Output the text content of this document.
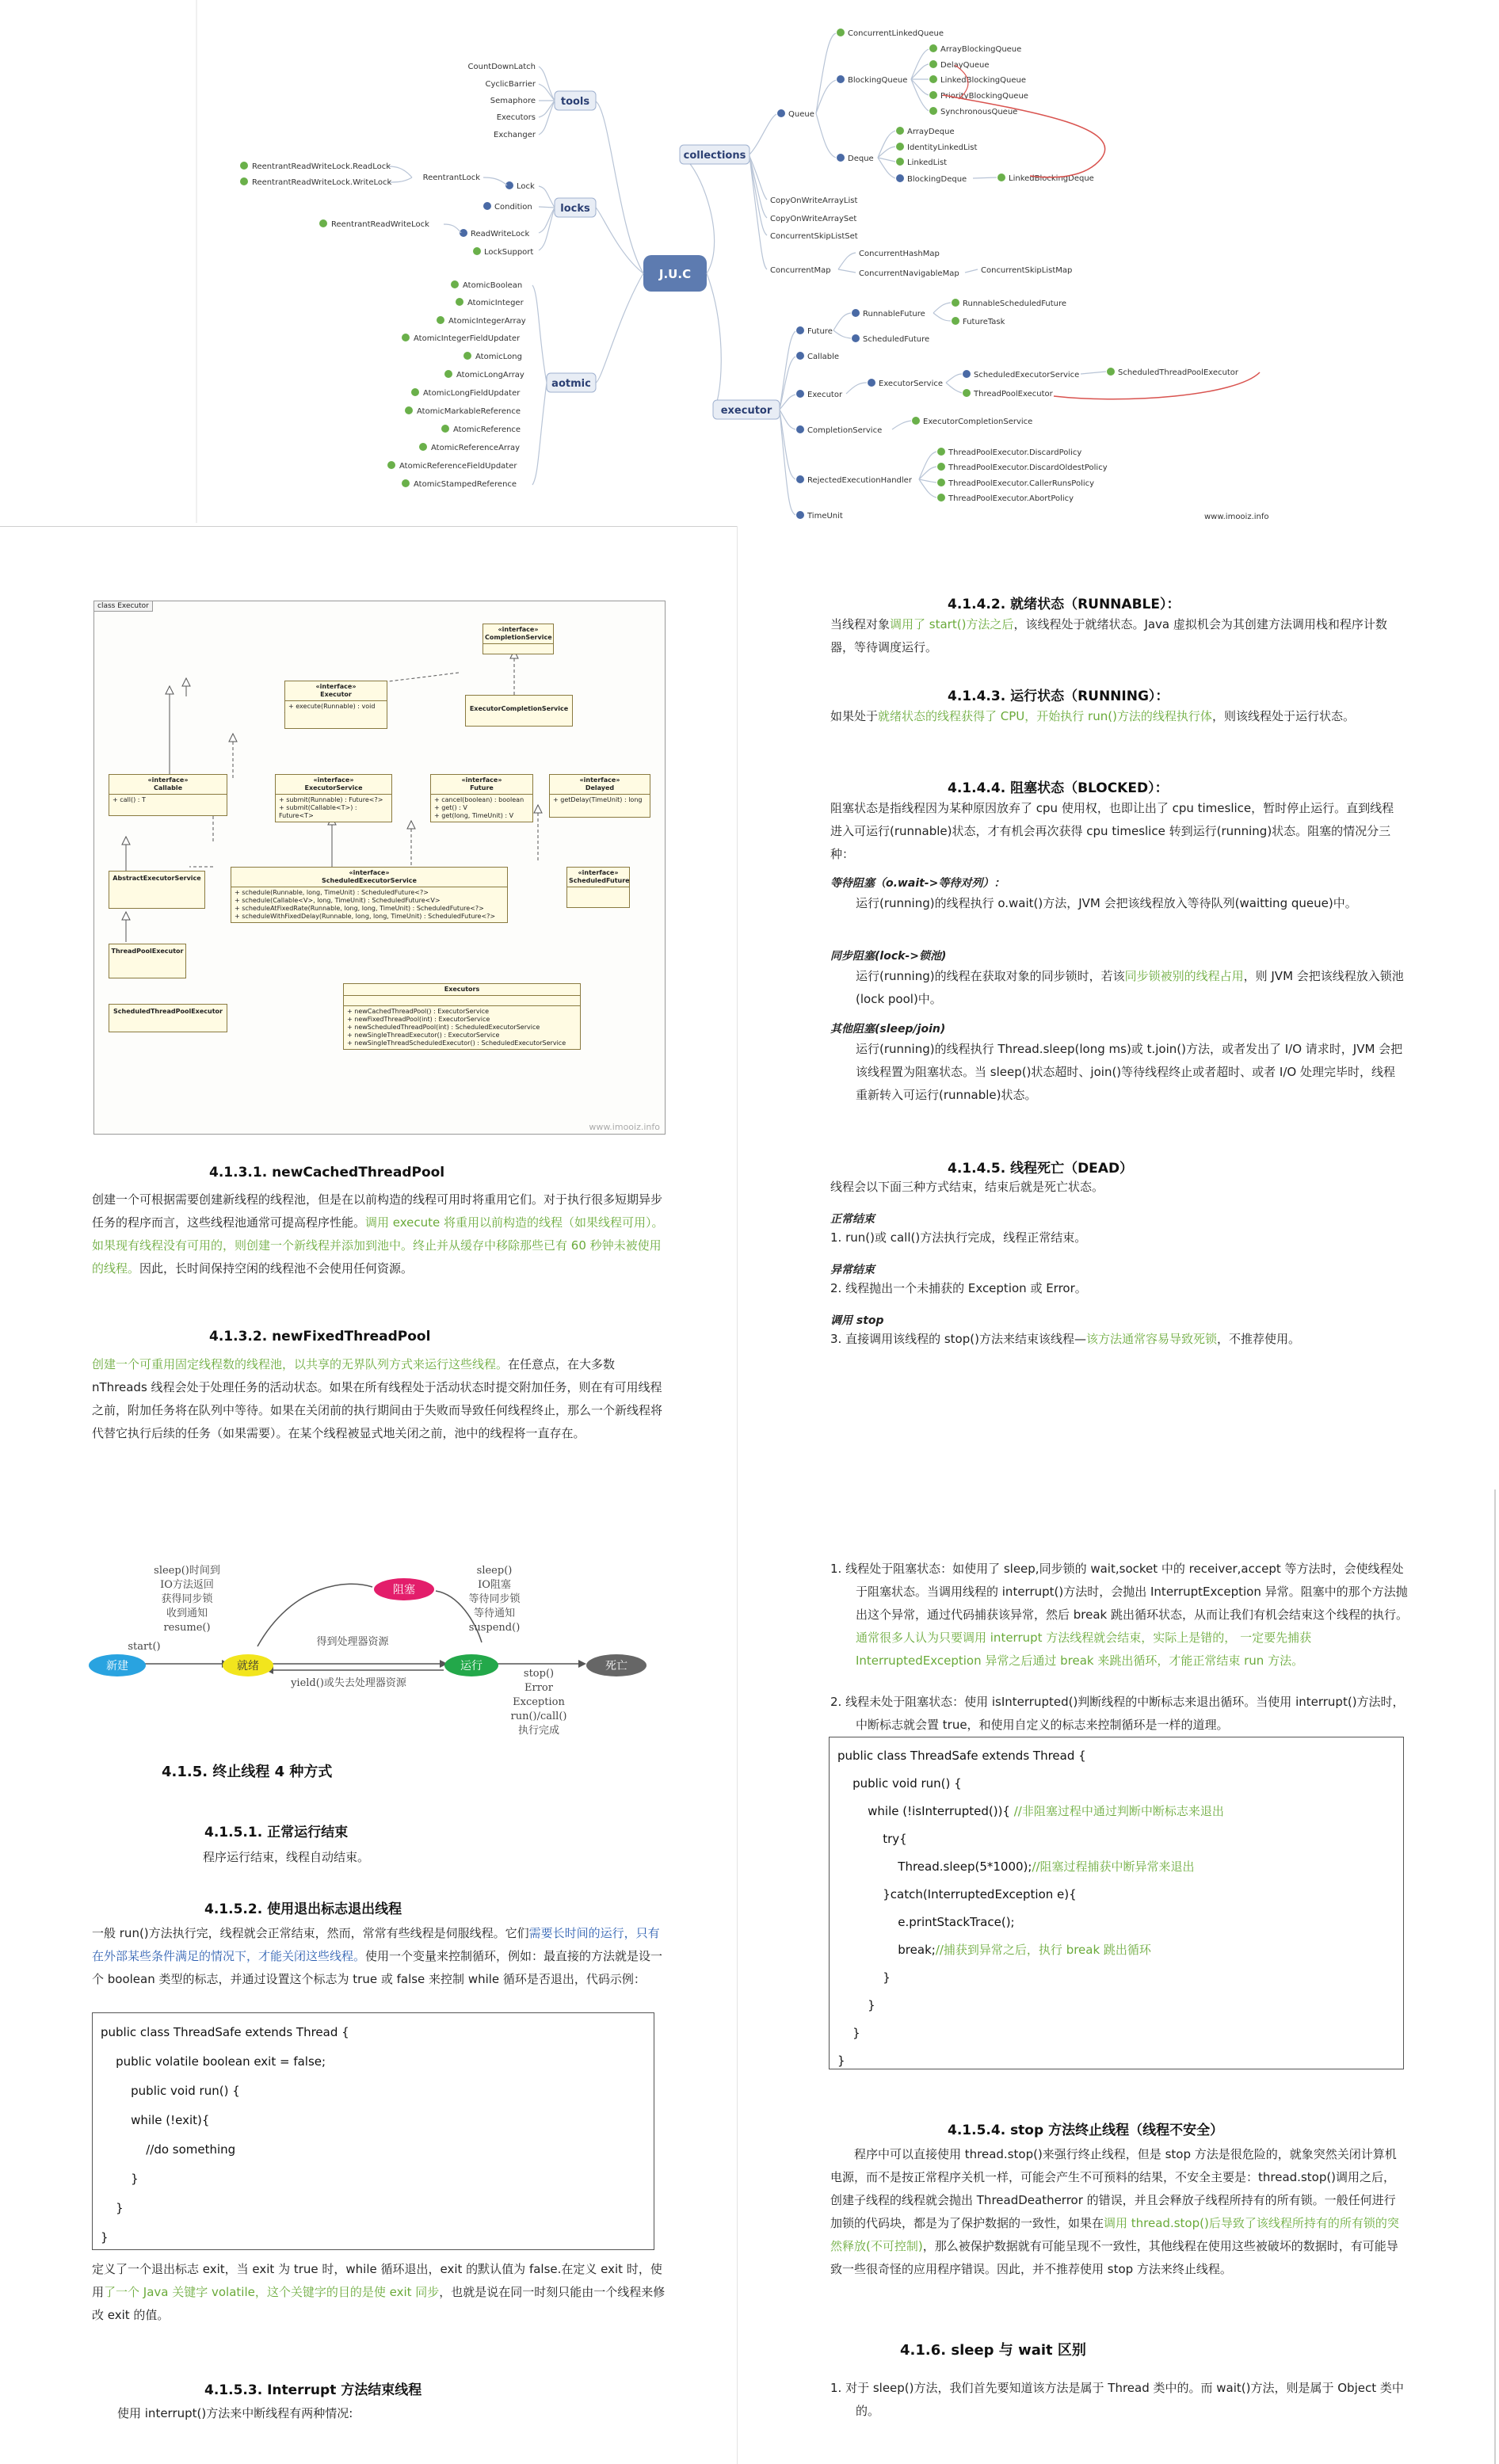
J.U.C
collections
tools
locks
aotmic
executor
CountDownLatch
CyclicBarrier
Semaphore
Executors
Exchanger
Lock
Condition
ReadWriteLock
LockSupport
ReentrantLock
ReentrantReadWriteLock.ReadLock
ReentrantReadWriteLock.WriteLock
ReentrantReadWriteLock
AtomicBoolean
AtomicInteger
AtomicIntegerArray
AtomicIntegerFieldUpdater
AtomicLong
AtomicLongArray
AtomicLongFieldUpdater
AtomicMarkableReference
AtomicReference
AtomicReferenceArray
AtomicReferenceFieldUpdater
AtomicStampedReference
Queue
ConcurrentLinkedQueue
BlockingQueue
ArrayBlockingQueue
DelayQueue
LinkedBlockingQueue
PriorityBlockingQueue
SynchronousQueue
Deque
ArrayDeque
IdentityLinkedList
LinkedList
BlockingDeque	LinkedBlockingDeque
CopyOnWriteArrayList
CopyOnWriteArraySet
ConcurrentSkipListSet
ConcurrentMap
ConcurrentHashMap
ConcurrentNavigableMap	ConcurrentSkipListMap
Future
RunnableFuture
RunnableScheduledFuture
FutureTask
ScheduledFuture
Callable
Executor
ExecutorService
ScheduledExecutorService
ThreadPoolExecutor
ScheduledThreadPoolExecutor
CompletionService
ExecutorCompletionService
RejectedExecutionHandler
ThreadPoolExecutor.DiscardPolicy
ThreadPoolExecutor.DiscardOldestPolicy
ThreadPoolExecutor.CallerRunsPolicy
ThreadPoolExecutor.AbortPolicy
TimeUnit	www.imooiz.info
class Executor
«interface»
CompletionService
«interface»
Executor
+ execute(Runnable) : void	ExecutorCompletionService
«interface»
Callable
+ call() : T
«interface»
ExecutorService
+ submit(Runnable) : Future<?>
+ submit(Callable<T>) : Future<T>
«interface»
Future
+ cancel(boolean) : boolean
+ get() : V
+ get(long, TimeUnit) : V
«interface»
Delayed
+ getDelay(TimeUnit) : long
AbstractExecutorService
«interface»
ScheduledExecutorService
+ schedule(Runnable, long, TimeUnit) : ScheduledFuture<?>
+ schedule(Callable<V>, long, TimeUnit) : ScheduledFuture<V>
+ scheduleAtFixedRate(Runnable, long, long, TimeUnit) : ScheduledFuture<?>
+ scheduleWithFixedDelay(Runnable, long, long, TimeUnit) : ScheduledFuture<?>
«interface»
ScheduledFuture
ThreadPoolExecutor
ScheduledThreadPoolExecutor
Executors
+ newCachedThreadPool() : ExecutorService
+ newFixedThreadPool(int) : ExecutorService
+ newScheduledThreadPool(int) : ScheduledExecutorService
+ newSingleThreadExecutor() : ExecutorService
+ newSingleThreadScheduledExecutor() : ScheduledExecutorService
www.imooiz.info
4.1.3.1. newCachedThreadPool
创建一个可根据需要创建新线程的线程池，但是在以前构造的线程可用时将重用它们。对于执行很多短期异步任务的程序而言，这些线程池通常可提高程序性能。调用 execute 将重用以前构造的线程（如果线程可用）。如果现有线程没有可用的，则创建一个新线程并添加到池中。终止并从缓存中移除那些已有 60 秒钟未被使用的线程。因此，长时间保持空闲的线程池不会使用任何资源。
4.1.3.2. newFixedThreadPool
创建一个可重用固定线程数的线程池，以共享的无界队列方式来运行这些线程。在任意点，在大多数 nThreads 线程会处于处理任务的活动状态。如果在所有线程处于活动状态时提交附加任务，则在有可用线程之前，附加任务将在队列中等待。如果在关闭前的执行期间由于失败而导致任何线程终止，那么一个新线程将代替它执行后续的任务（如果需要）。在某个线程被显式地关闭之前，池中的线程将一直存在。
sleep()时间到
IO方法返回
获得同步锁
收到通知
resume()
sleep()
IO阻塞
等待同步锁
等待通知
suspend()
start()	得到处理器资源
yield()或失去处理器资源
stop()
Error
Exception
run()/call()
执行完成
阻塞
新建	就绪	运行	死亡
4.1.5. 终止线程 4 种方式
4.1.5.1. 正常运行结束
程序运行结束，线程自动结束。
4.1.5.2. 使用退出标志退出线程
一般 run()方法执行完，线程就会正常结束，然而，常常有些线程是伺服线程。它们需要长时间的运行，只有在外部某些条件满足的情况下，才能关闭这些线程。使用一个变量来控制循环，例如：最直接的方法就是设一个 boolean 类型的标志，并通过设置这个标志为 true 或 false 来控制 while 循环是否退出，代码示例：
public class ThreadSafe extends Thread {
public volatile boolean exit = false;
public void run() {
while (!exit){
//do something
}
}
}
定义了一个退出标志 exit，当 exit 为 true 时，while 循环退出，exit 的默认值为 false.在定义 exit 时，使用了一个 Java 关键字 volatile，这个关键字的目的是使 exit 同步，也就是说在同一时刻只能由一个线程来修改 exit 的值。
4.1.5.3. Interrupt 方法结束线程
使用 interrupt()方法来中断线程有两种情况:
4.1.4.2. 就绪状态（RUNNABLE）：
当线程对象调用了 start()方法之后，该线程处于就绪状态。Java 虚拟机会为其创建方法调用栈和程序计数器，等待调度运行。
4.1.4.3. 运行状态（RUNNING）：
如果处于就绪状态的线程获得了 CPU，开始执行 run()方法的线程执行体，则该线程处于运行状态。
4.1.4.4. 阻塞状态（BLOCKED）：
阻塞状态是指线程因为某种原因放弃了 cpu 使用权，也即让出了 cpu timeslice，暂时停止运行。直到线程进入可运行(runnable)状态，才有机会再次获得 cpu timeslice 转到运行(running)状态。阻塞的情况分三种：
等待阻塞（o.wait->等待对列）：
运行(running)的线程执行 o.wait()方法，JVM 会把该线程放入等待队列(waitting queue)中。
同步阻塞(lock->锁池)
运行(running)的线程在获取对象的同步锁时，若该同步锁被别的线程占用，则 JVM 会把该线程放入锁池(lock pool)中。
其他阻塞(sleep/join)
运行(running)的线程执行 Thread.sleep(long ms)或 t.join()方法，或者发出了 I/O 请求时，JVM 会把该线程置为阻塞状态。当 sleep()状态超时、join()等待线程终止或者超时、或者 I/O 处理完毕时，线程重新转入可运行(runnable)状态。
4.1.4.5. 线程死亡（DEAD）
线程会以下面三种方式结束，结束后就是死亡状态。
正常结束
1. run()或 call()方法执行完成，线程正常结束。
异常结束
2. 线程抛出一个未捕获的 Exception 或 Error。
调用 stop
3. 直接调用该线程的 stop()方法来结束该线程—该方法通常容易导致死锁，不推荐使用。
1. 线程处于阻塞状态：如使用了 sleep,同步锁的 wait,socket 中的 receiver,accept 等方法时，会使线程处于阻塞状态。当调用线程的 interrupt()方法时，会抛出 InterruptException 异常。阻塞中的那个方法抛出这个异常，通过代码捕获该异常，然后 break 跳出循环状态，从而让我们有机会结束这个线程的执行。通常很多人认为只要调用 interrupt 方法线程就会结束，实际上是错的， 一定要先捕获 InterruptedException 异常之后通过 break 来跳出循环，才能正常结束 run 方法。
2. 线程未处于阻塞状态：使用 isInterrupted()判断线程的中断标志来退出循环。当使用 interrupt()方法时，中断标志就会置 true，和使用自定义的标志来控制循环是一样的道理。
public class ThreadSafe extends Thread {
public void run() {
while (!isInterrupted()){ //非阻塞过程中通过判断中断标志来退出
try{
Thread.sleep(5*1000);//阻塞过程捕获中断异常来退出
}catch(InterruptedException e){
e.printStackTrace();
break;//捕获到异常之后，执行 break 跳出循环
}
}
}
}
4.1.5.4. stop 方法终止线程（线程不安全）
程序中可以直接使用 thread.stop()来强行终止线程，但是 stop 方法是很危险的，就象突然关闭计算机电源，而不是按正常程序关机一样，可能会产生不可预料的结果，不安全主要是：thread.stop()调用之后，创建子线程的线程就会抛出 ThreadDeatherror 的错误，并且会释放子线程所持有的所有锁。一般任何进行加锁的代码块，都是为了保护数据的一致性，如果在调用 thread.stop()后导致了该线程所持有的所有锁的突然释放(不可控制)，那么被保护数据就有可能呈现不一致性，其他线程在使用这些被破坏的数据时，有可能导致一些很奇怪的应用程序错误。因此，并不推荐使用 stop 方法来终止线程。
4.1.6. sleep 与 wait 区别
1. 对于 sleep()方法，我们首先要知道该方法是属于 Thread 类中的。而 wait()方法，则是属于 Object 类中的。
